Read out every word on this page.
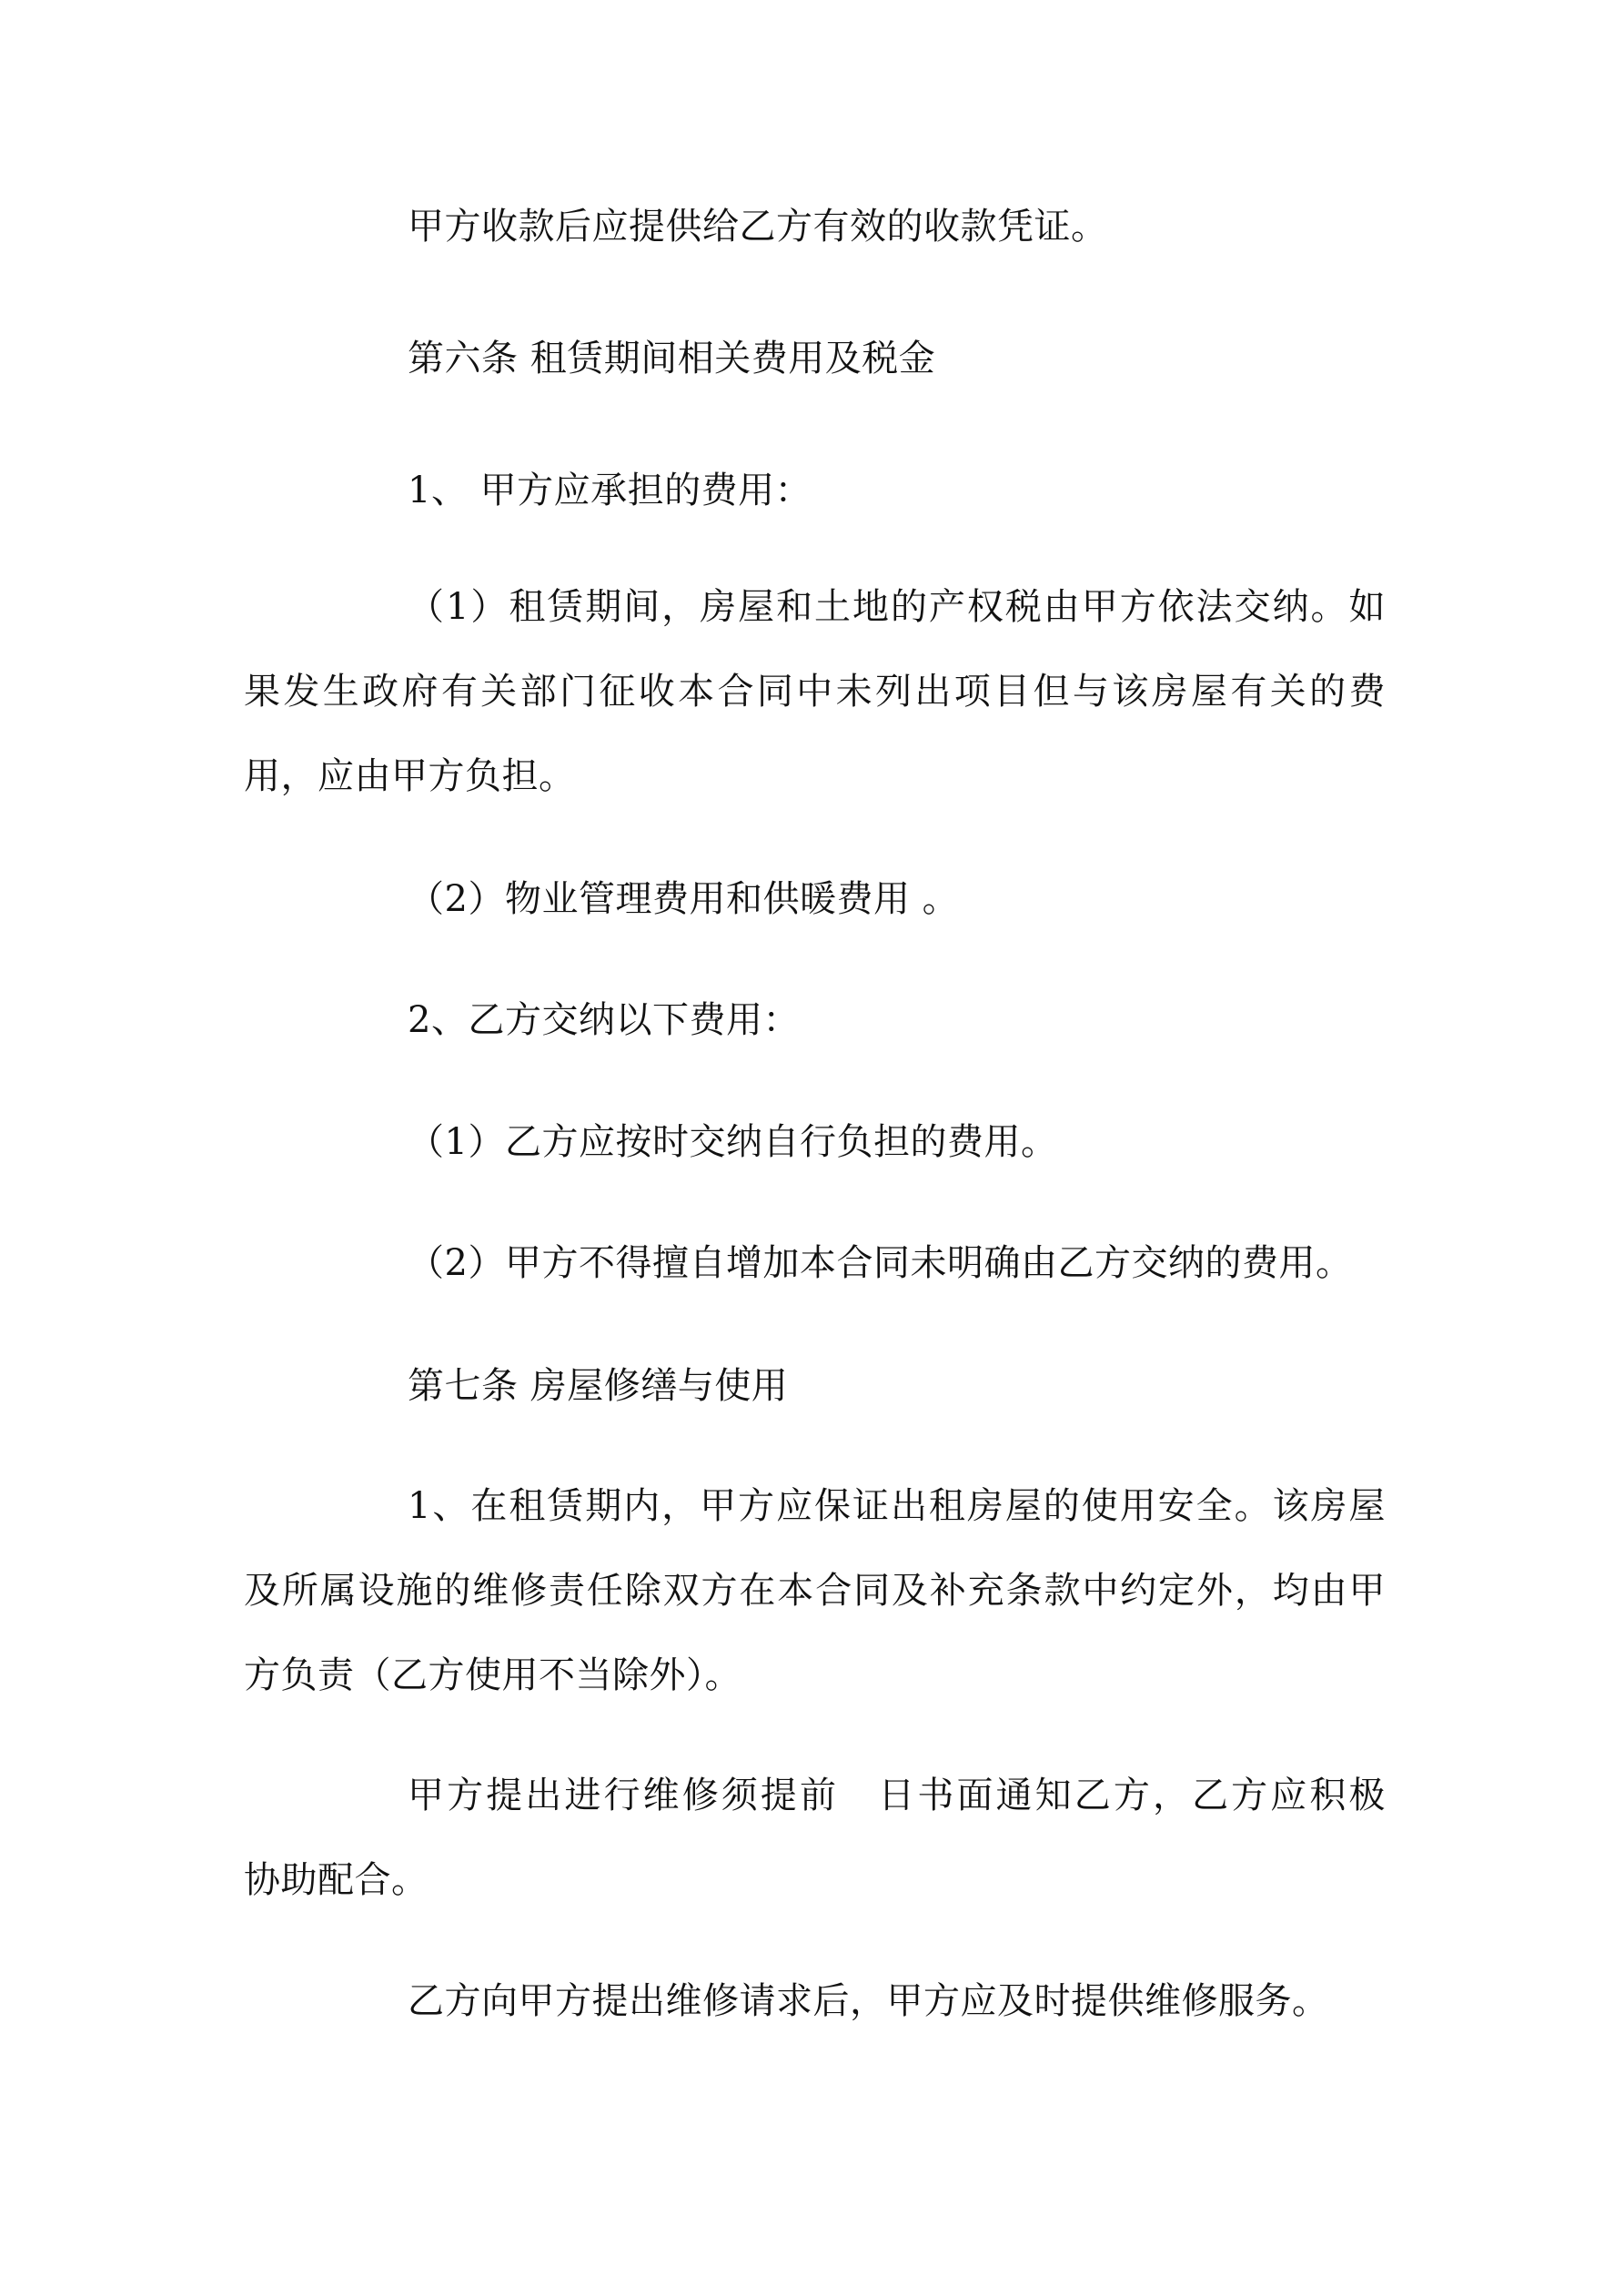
甲方收款后应提供给乙方有效的收款凭证。
第六条 租赁期间相关费用及税金
1、 甲方应承担的费用：
（1）租赁期间，房屋和土地的产权税由甲方依法交纳。如
果发生政府有关部门征收本合同中未列出项目但与该房屋有关的费
用，应由甲方负担。
（2）物业管理费用和供暖费用 。
2、乙方交纳以下费用：
（1）乙方应按时交纳自行负担的费用。
（2）甲方不得擅自增加本合同未明确由乙方交纳的费用。
第七条 房屋修缮与使用
1、在租赁期内，甲方应保证出租房屋的使用安全。该房屋
及所属设施的维修责任除双方在本合同及补充条款中约定外，均由甲
方负责（乙方使用不当除外）。
甲方提出进行维修须提前　日书面通知乙方，乙方应积极
协助配合。
乙方向甲方提出维修请求后，甲方应及时提供维修服务。
